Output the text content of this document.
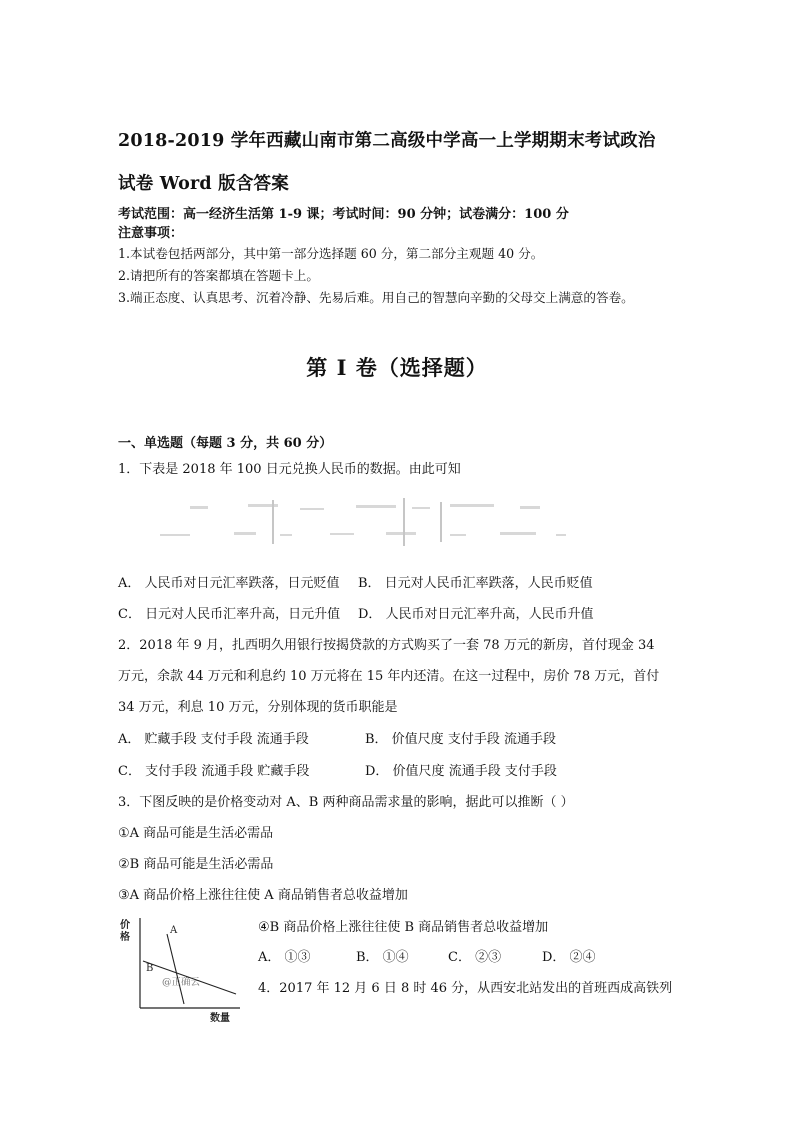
2018-2019 学年西藏山南市第二高级中学高一上学期期末考试政治
试卷 Word 版含答案
考试范围：高一经济生活第 1-9 课；考试时间：90 分钟；试卷满分：100 分
注意事项：
1.本试卷包括两部分，其中第一部分选择题 60 分，第二部分主观题 40 分。
2.请把所有的答案都填在答题卡上。
3.端正态度、认真思考、沉着冷静、先易后难。用自己的智慧向辛勤的父母交上满意的答卷。
第 I 卷（选择题）
一、单选题（每题 3 分，共 60 分）
1．下表是 2018 年 100 日元兑换人民币的数据。由此可知
A． 人民币对日元汇率跌落，日元贬值 B． 日元对人民币汇率跌落，人民币贬值
C． 日元对人民币汇率升高，日元升值 D． 人民币对日元汇率升高，人民币升值
2．2018 年 9 月，扎西明久用银行按揭贷款的方式购买了一套 78 万元的新房，首付现金 34
万元，余款 44 万元和利息约 10 万元将在 15 年内还清。在这一过程中，房价 78 万元，首付
34 万元，利息 10 万元，分别体现的货币职能是
A． 贮藏手段 支付手段 流通手段	B． 价值尺度 支付手段 流通手段
C． 支付手段 流通手段 贮藏手段	D． 价值尺度 流通手段 支付手段
3．下图反映的是价格变动对 A、B 两种商品需求量的影响，据此可以推断（ ）
①A 商品可能是生活必需品
②B 商品可能是生活必需品
③A 商品价格上涨往往使 A 商品销售者总收益增加
价
格
A
B
@正确云
数量
④B 商品价格上涨往往使 B 商品销售者总收益增加
A． ①③	B． ①④	C． ②③	D． ②④
4．2017 年 12 月 6 日 8 时 46 分，从西安北站发出的首班西成高铁列
